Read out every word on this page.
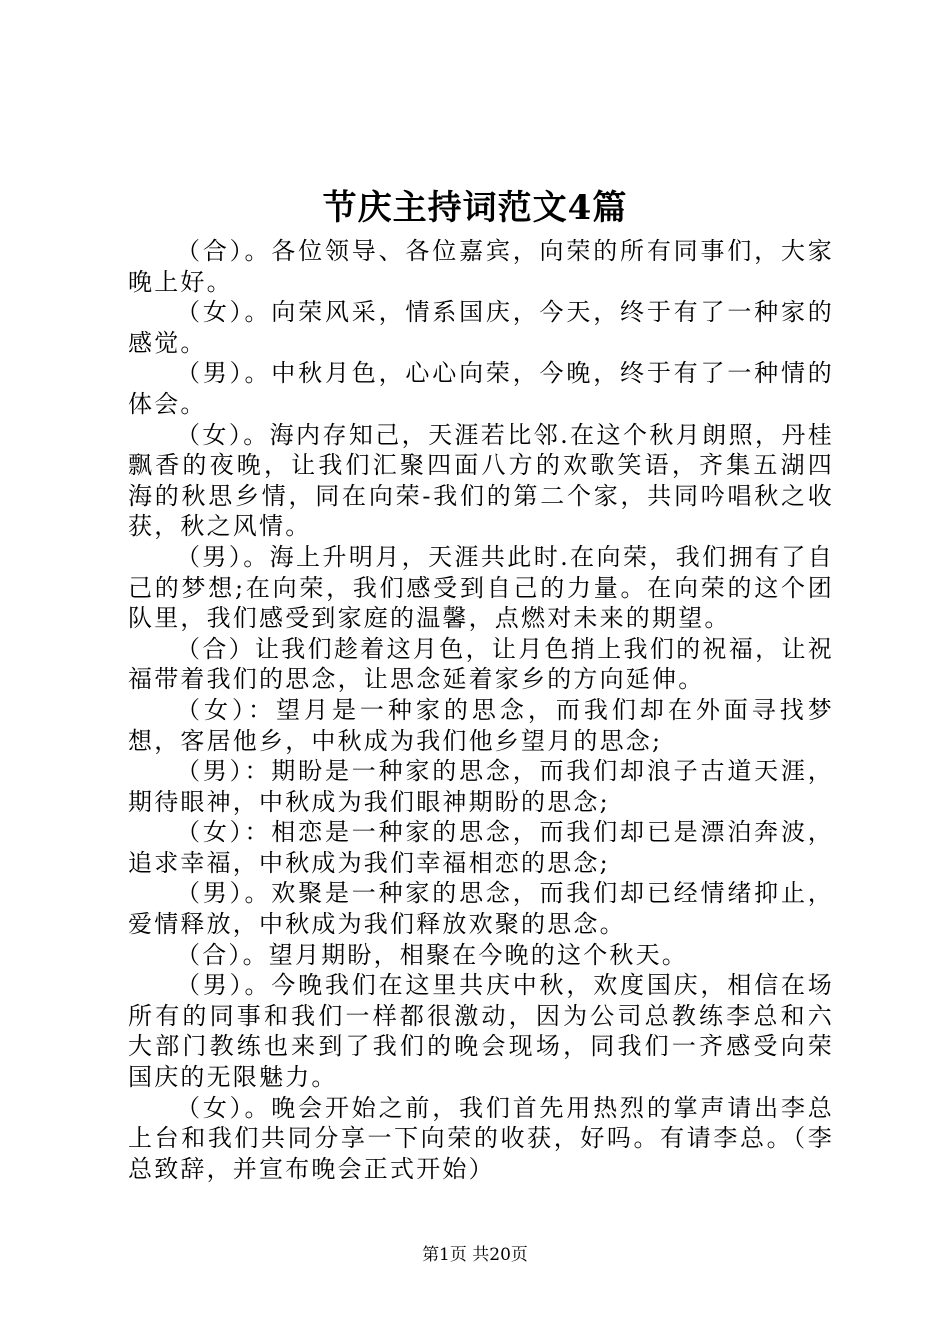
节庆主持词范文4篇

（合）。各位领导、各位嘉宾，向荣的所有同事们，大家晚上好。

（女）。向荣风采，情系国庆，今天，终于有了一种家的感觉。

（男）。中秋月色，心心向荣，今晚，终于有了一种情的体会。

（女）。海内存知己，天涯若比邻.在这个秋月朗照，丹桂飘香的夜晚，让我们汇聚四面八方的欢歌笑语，齐集五湖四海的秋思乡情，同在向荣-我们的第二个家，共同吟唱秋之收获，秋之风情。

（男）。海上升明月，天涯共此时.在向荣，我们拥有了自己的梦想;在向荣，我们感受到自己的力量。在向荣的这个团队里，我们感受到家庭的温馨，点燃对未来的期望。

（合）让我们趁着这月色，让月色捎上我们的祝福，让祝福带着我们的思念，让思念延着家乡的方向延伸。

（女）：望月是一种家的思念，而我们却在外面寻找梦想，客居他乡，中秋成为我们他乡望月的思念;

（男）：期盼是一种家的思念，而我们却浪子古道天涯，期待眼神，中秋成为我们眼神期盼的思念;

（女）：相恋是一种家的思念，而我们却已是漂泊奔波，追求幸福，中秋成为我们幸福相恋的思念;

（男）。欢聚是一种家的思念，而我们却已经情绪抑止，爱情释放，中秋成为我们释放欢聚的思念。

（合）。望月期盼，相聚在今晚的这个秋天。

（男）。今晚我们在这里共庆中秋，欢度国庆，相信在场所有的同事和我们一样都很激动，因为公司总教练李总和六大部门教练也来到了我们的晚会现场，同我们一齐感受向荣国庆的无限魅力。

（女）。晚会开始之前，我们首先用热烈的掌声请出李总上台和我们共同分享一下向荣的收获，好吗。有请李总。（李总致辞，并宣布晚会正式开始）

第1页 共20页
